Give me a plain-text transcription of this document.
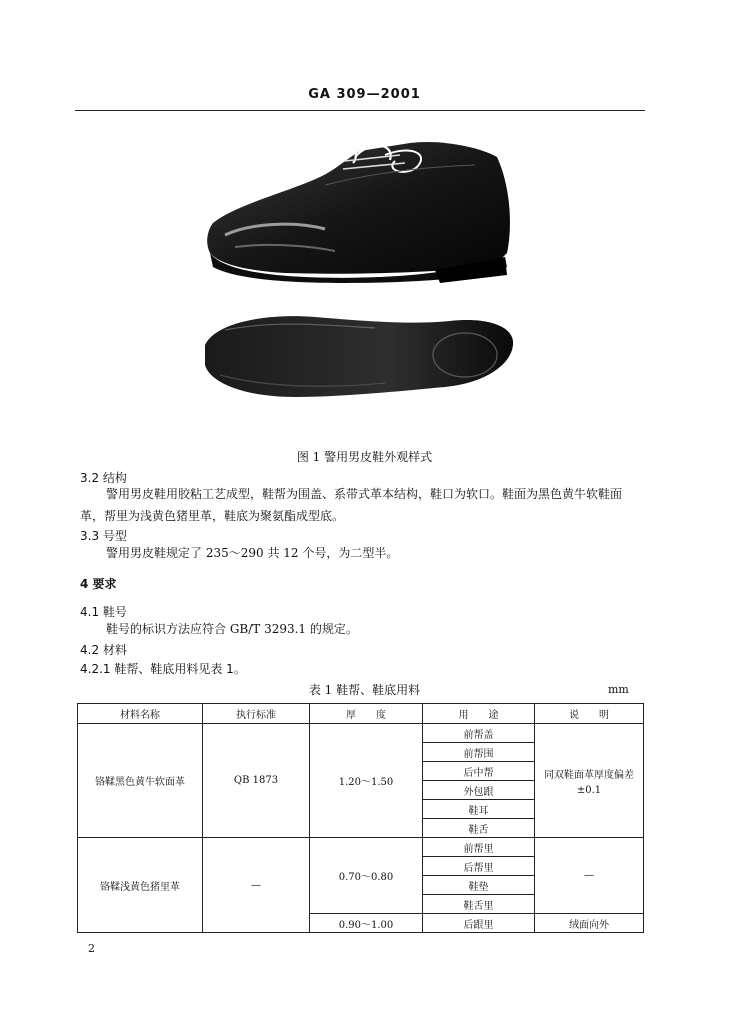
GA 309—2001
图 1 警用男皮鞋外观样式
3.2 结构
警用男皮鞋用胶粘工艺成型，鞋帮为围盖、系带式革本结构，鞋口为软口。鞋面为黑色黄牛软鞋面
革，帮里为浅黄色猪里革，鞋底为聚氨酯成型底。
3.3 号型
警用男皮鞋规定了 235～290 共 12 个号，为二型半。
4 要求
4.1 鞋号
鞋号的标识方法应符合 GB/T 3293.1 的规定。
4.2 材料
4.2.1 鞋帮、鞋底用料见表 1。
表 1 鞋帮、鞋底用料	mm
材料名称	执行标准	厚　　度	用　　途	说　　明
铬鞣黑色黄牛软面革	QB 1873	1.20～1.50	前帮盖	同双鞋面革厚度偏差
±0.1

			前帮围	
			后中帮	
			外包跟	
			鞋耳	
			鞋舌	
铬鞣浅黄色猪里革	—	0.70～0.80	前帮里	—
			后帮里	
			鞋垫	
			鞋舌里	
		0.90～1.00	后跟里	绒面向外
2
